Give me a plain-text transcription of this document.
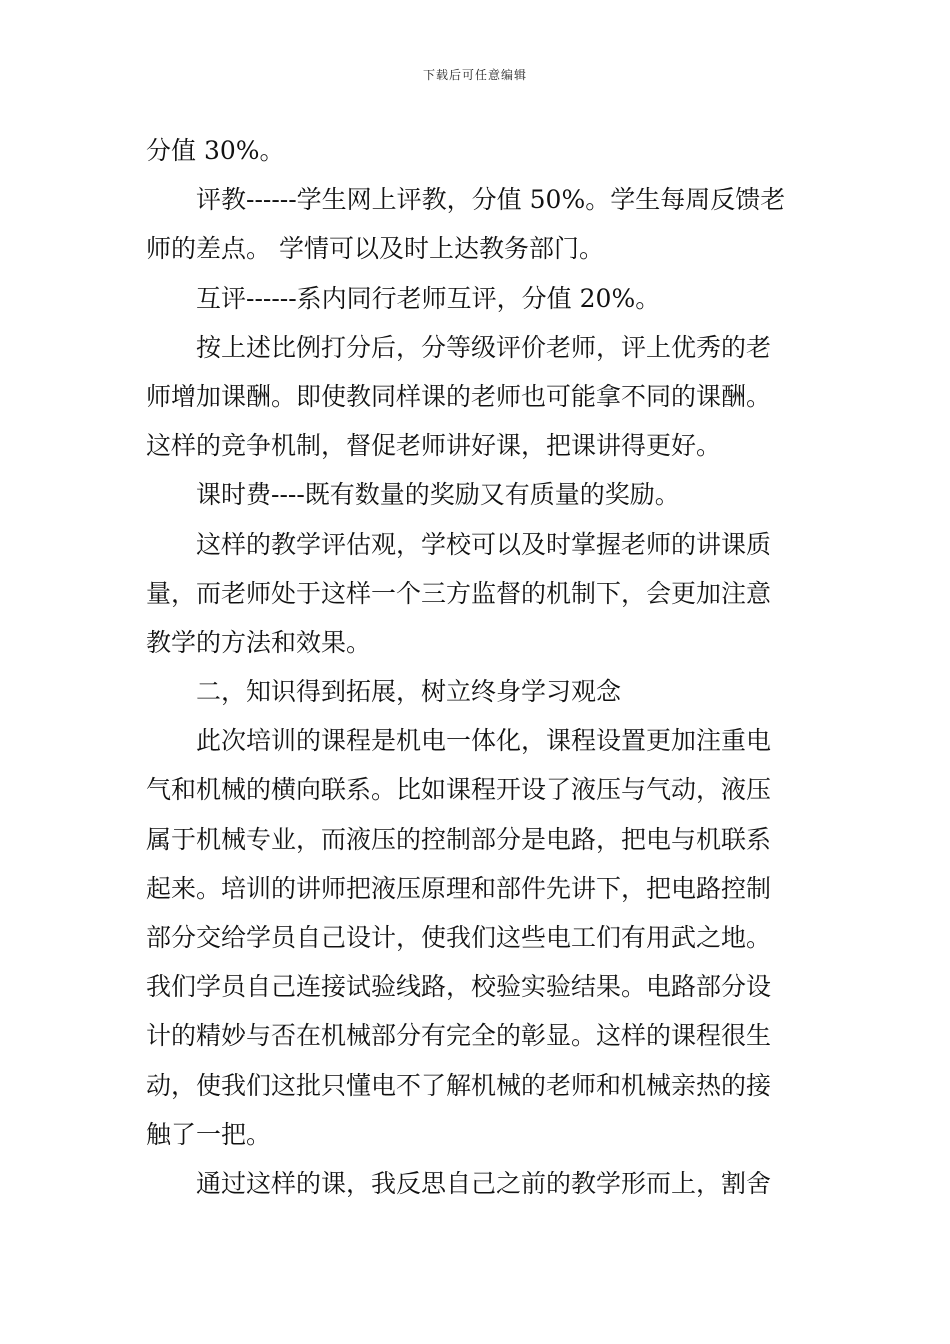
下载后可任意编辑
分值 30%。
评教------学生网上评教，分值 50%。学生每周反馈老
师的差点。 学情可以及时上达教务部门。
互评------系内同行老师互评，分值 20%。
按上述比例打分后，分等级评价老师，评上优秀的老
师增加课酬。即使教同样课的老师也可能拿不同的课酬。
这样的竞争机制，督促老师讲好课，把课讲得更好。
课时费----既有数量的奖励又有质量的奖励。
这样的教学评估观，学校可以及时掌握老师的讲课质
量，而老师处于这样一个三方监督的机制下，会更加注意
教学的方法和效果。
二，知识得到拓展，树立终身学习观念
此次培训的课程是机电一体化，课程设置更加注重电
气和机械的横向联系。比如课程开设了液压与气动，液压
属于机械专业，而液压的控制部分是电路，把电与机联系
起来。培训的讲师把液压原理和部件先讲下，把电路控制
部分交给学员自己设计，使我们这些电工们有用武之地。
我们学员自己连接试验线路，校验实验结果。电路部分设
计的精妙与否在机械部分有完全的彰显。这样的课程很生
动，使我们这批只懂电不了解机械的老师和机械亲热的接
触了一把。
通过这样的课，我反思自己之前的教学形而上，割舍
